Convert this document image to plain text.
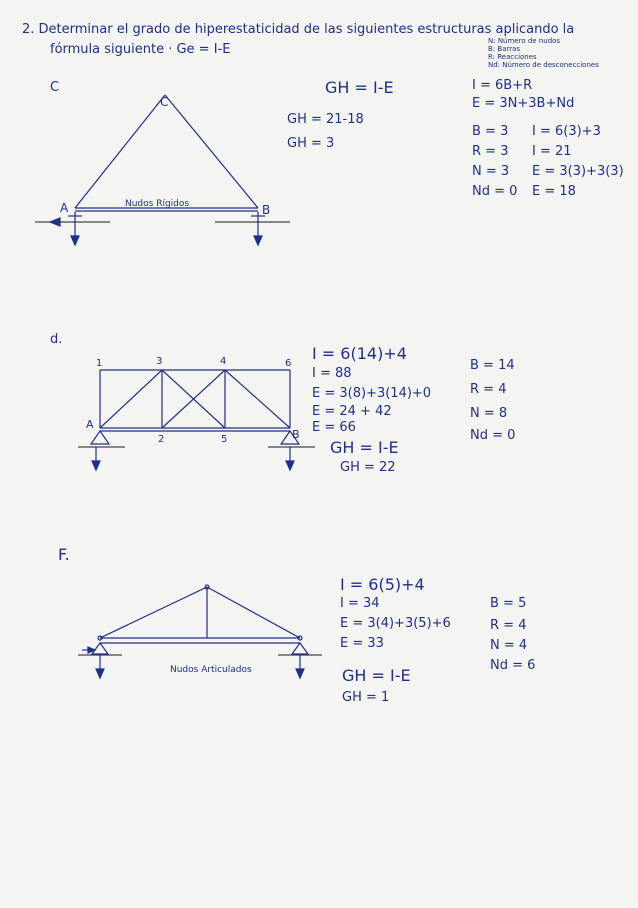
2. Determinar el grado de hiperestaticidad de las siguientes estructuras aplicando la
fórmula siguiente · Ge = I-E
N: Número de nudos
B: Barras
R: Reacciones
Nd: Número de desconecciones
C
C
A	B
Nudos Rígidos
GH = I-E
GH = 21-18
GH = 3
I = 6B+R
E = 3N+3B+Nd
B = 3
R = 3
N = 3
Nd = 0
I = 6(3)+3
I = 21
E = 3(3)+3(3)
E = 18
d.
1	3	4	6
A
2	5	B
I = 6(14)+4
I = 88
E = 3(8)+3(14)+0
E = 24 + 42
E = 66
GH = I-E
GH = 22
B = 14
R = 4
N = 8
Nd = 0
F.
Nudos Articulados
I = 6(5)+4
I = 34
E = 3(4)+3(5)+6
E = 33
GH = I-E
GH = 1
B = 5
R = 4
N = 4
Nd = 6
